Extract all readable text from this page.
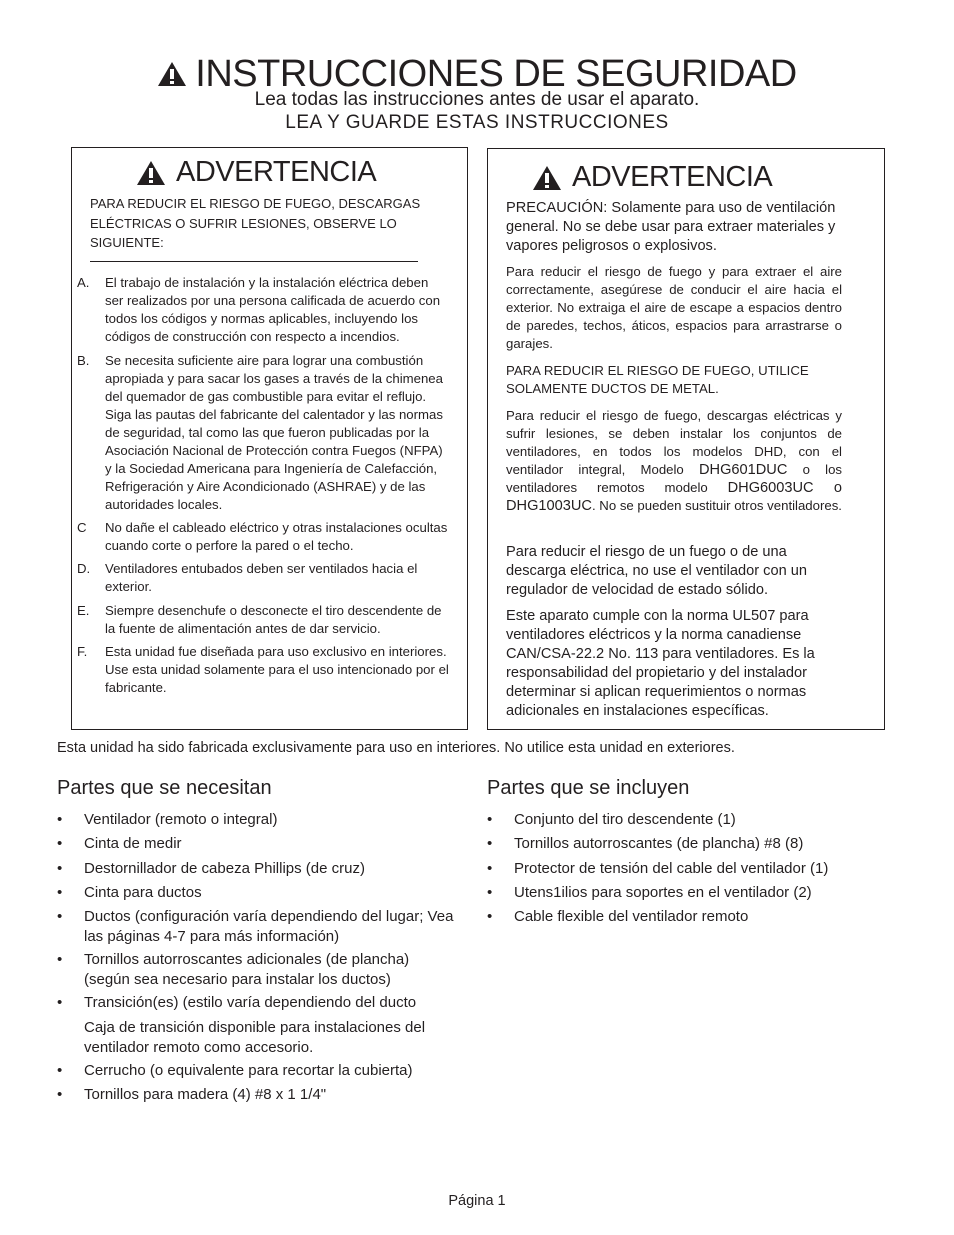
INSTRUCCIONES DE SEGURIDAD
Lea todas las instrucciones antes de usar el aparato.
LEA Y GUARDE ESTAS INSTRUCCIONES
ADVERTENCIA
PARA REDUCIR EL RIESGO DE FUEGO, DESCARGAS ELÉCTRICAS O SUFRIR LESIONES, OBSERVE LO SIGUIENTE:
A. El trabajo de instalación y la instalación eléctrica deben ser realizados por una persona calificada de acuerdo con todos los códigos y normas aplicables, incluyendo los códigos de construcción con respecto a incendios.
B. Se necesita suficiente aire para lograr una combustión apropiada y para sacar los gases a través de la chimenea del quemador de gas combustible para evitar el reflujo. Siga las pautas del fabricante del calentador y las normas de seguridad, tal como las que fueron publicadas por la Asociación Nacional de Protección contra Fuegos (NFPA) y la Sociedad Americana para Ingeniería de Calefacción, Refrigeración y Aire Acondicionado (ASHRAE) y de las autoridades locales.
C No dañe el cableado eléctrico y otras instalaciones ocultas cuando corte o perfore la pared o el techo.
D. Ventiladores entubados deben ser ventilados hacia el exterior.
E. Siempre desenchufe o desconecte el tiro descendente de la fuente de alimentación antes de dar servicio.
F. Esta unidad fue diseñada para uso exclusivo en interiores. Use esta unidad solamente para el uso intencionado por el fabricante.
ADVERTENCIA
PRECAUCIÓN: Solamente para uso de ventilación general. No se debe usar para extraer materiales y vapores peligrosos o explosivos.
Para reducir el riesgo de fuego y para extraer el aire correctamente, asegúrese de conducir el aire hacia el exterior. No extraiga el aire de escape a espacios dentro de paredes, techos, áticos, espacios para arrastrarse o garajes.
PARA REDUCIR EL RIESGO DE FUEGO, UTILICE SOLAMENTE DUCTOS DE METAL.
Para reducir el riesgo de fuego, descargas eléctricas y sufrir lesiones, se deben instalar los conjuntos de ventiladores, en todos los modelos DHD, con el ventilador integral, Modelo DHG601DUC o los ventiladores remotos modelo DHG6003UC o DHG1003UC. No se pueden sustituir otros ventiladores.
Para reducir el riesgo de un fuego o de una descarga eléctrica, no use el ventilador con un regulador de velocidad de estado sólido.
Este aparato cumple con la norma UL507 para ventiladores eléctricos y la norma canadiense CAN/CSA-22.2 No. 113 para ventiladores. Es la responsabilidad del propietario y del instalador determinar si aplican requerimientos o normas adicionales en instalaciones específicas.
Esta unidad ha sido fabricada exclusivamente para uso en interiores. No utilice esta unidad en exteriores.
Partes que se necesitan
• Ventilador (remoto o integral)
• Cinta de medir
• Destornillador de cabeza Phillips (de cruz)
• Cinta para ductos
• Ductos (configuración varía dependiendo del lugar; Vea las páginas 4-7 para más información)
• Tornillos autorroscantes adicionales (de plancha) (según sea necesario para instalar los ductos)
• Transición(es) (estilo varía dependiendo del ducto
Caja de transición disponible para instalaciones del ventilador remoto como accesorio.
• Cerrucho (o equivalente para recortar la cubierta)
• Tornillos para madera (4) #8 x 1 1/4"
Partes que se incluyen
• Conjunto del tiro descendente (1)
• Tornillos autorroscantes (de plancha) #8 (8)
• Protector de tensión del cable del ventilador (1)
• Utens1ilios para soportes en el ventilador (2)
• Cable flexible del ventilador remoto
Página 1
